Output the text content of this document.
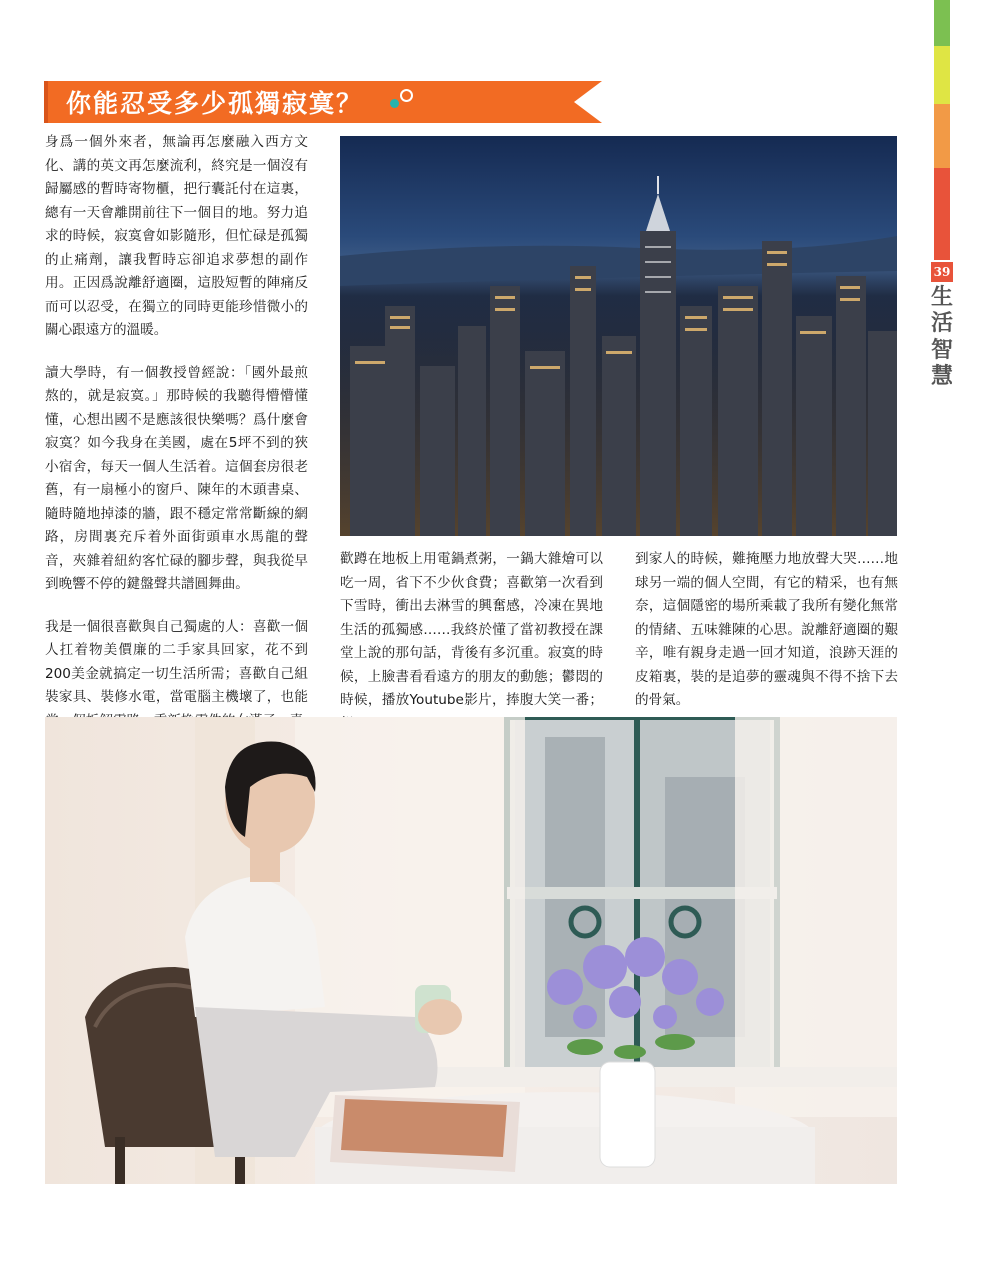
39
生
活
智
慧
你能忍受多少孤獨寂寞？

身爲一個外來者，無論再怎麼融入西方文化、講的英文再怎麼流利，終究是一個沒有歸屬感的暫時寄物櫃，把行囊託付在這裏，總有一天會離開前往下一個目的地。努力追求的時候，寂寞會如影隨形，但忙碌是孤獨的止痛劑，讓我暫時忘卻追求夢想的副作用。正因爲說離舒適圈，這股短暫的陣痛反而可以忍受，在獨立的同時更能珍惜微小的關心跟遠方的溫暖。

讀大學時，有一個教授曾經說：「國外最煎熬的，就是寂寞。」那時候的我聽得懵懵懂懂，心想出國不是應該很快樂嗎？爲什麼會寂寞？如今我身在美國，處在5坪不到的狹小宿舍，每天一個人生活着。這個套房很老舊，有一扇極小的窗戶、陳年的木頭書桌、隨時隨地掉漆的牆，跟不穩定常常斷線的網路，房間裏充斥着外面街頭車水馬龍的聲音，夾雜着紐約客忙碌的腳步聲，與我從早到晚響不停的鍵盤聲共譜圓舞曲。

我是一個很喜歡與自己獨處的人：喜歡一個人扛着物美價廉的二手家具回家，花不到200美金就搞定一切生活所需；喜歡自己組裝家具、裝修水電，當電腦主機壞了，也能

歡蹲在地板上用電鍋煮粥，一鍋大雜燴可以吃一周，省下不少伙食費；喜歡第一次看到下雪時，衝出去淋雪的興奮感，冷凍在異地生活的孤獨感……我終於懂了當初教授在課堂上說的那句話，背後有多沉重。寂寞的時候，上臉書看看遠方的朋友的動態；鬱悶的時候，播放Youtube影片，捧腹大笑一番；

到家人的時候，難掩壓力地放聲大哭……地球另一端的個人空間，有它的精采，也有無奈，這個隱密的場所乘載了我所有變化無常的情緒、五味雜陳的心思。說離舒適圈的艱辛，唯有親身走過一回才知道，浪跡天涯的皮箱裏，裝的是追夢的靈魂與不得不捨下去的骨氣。
